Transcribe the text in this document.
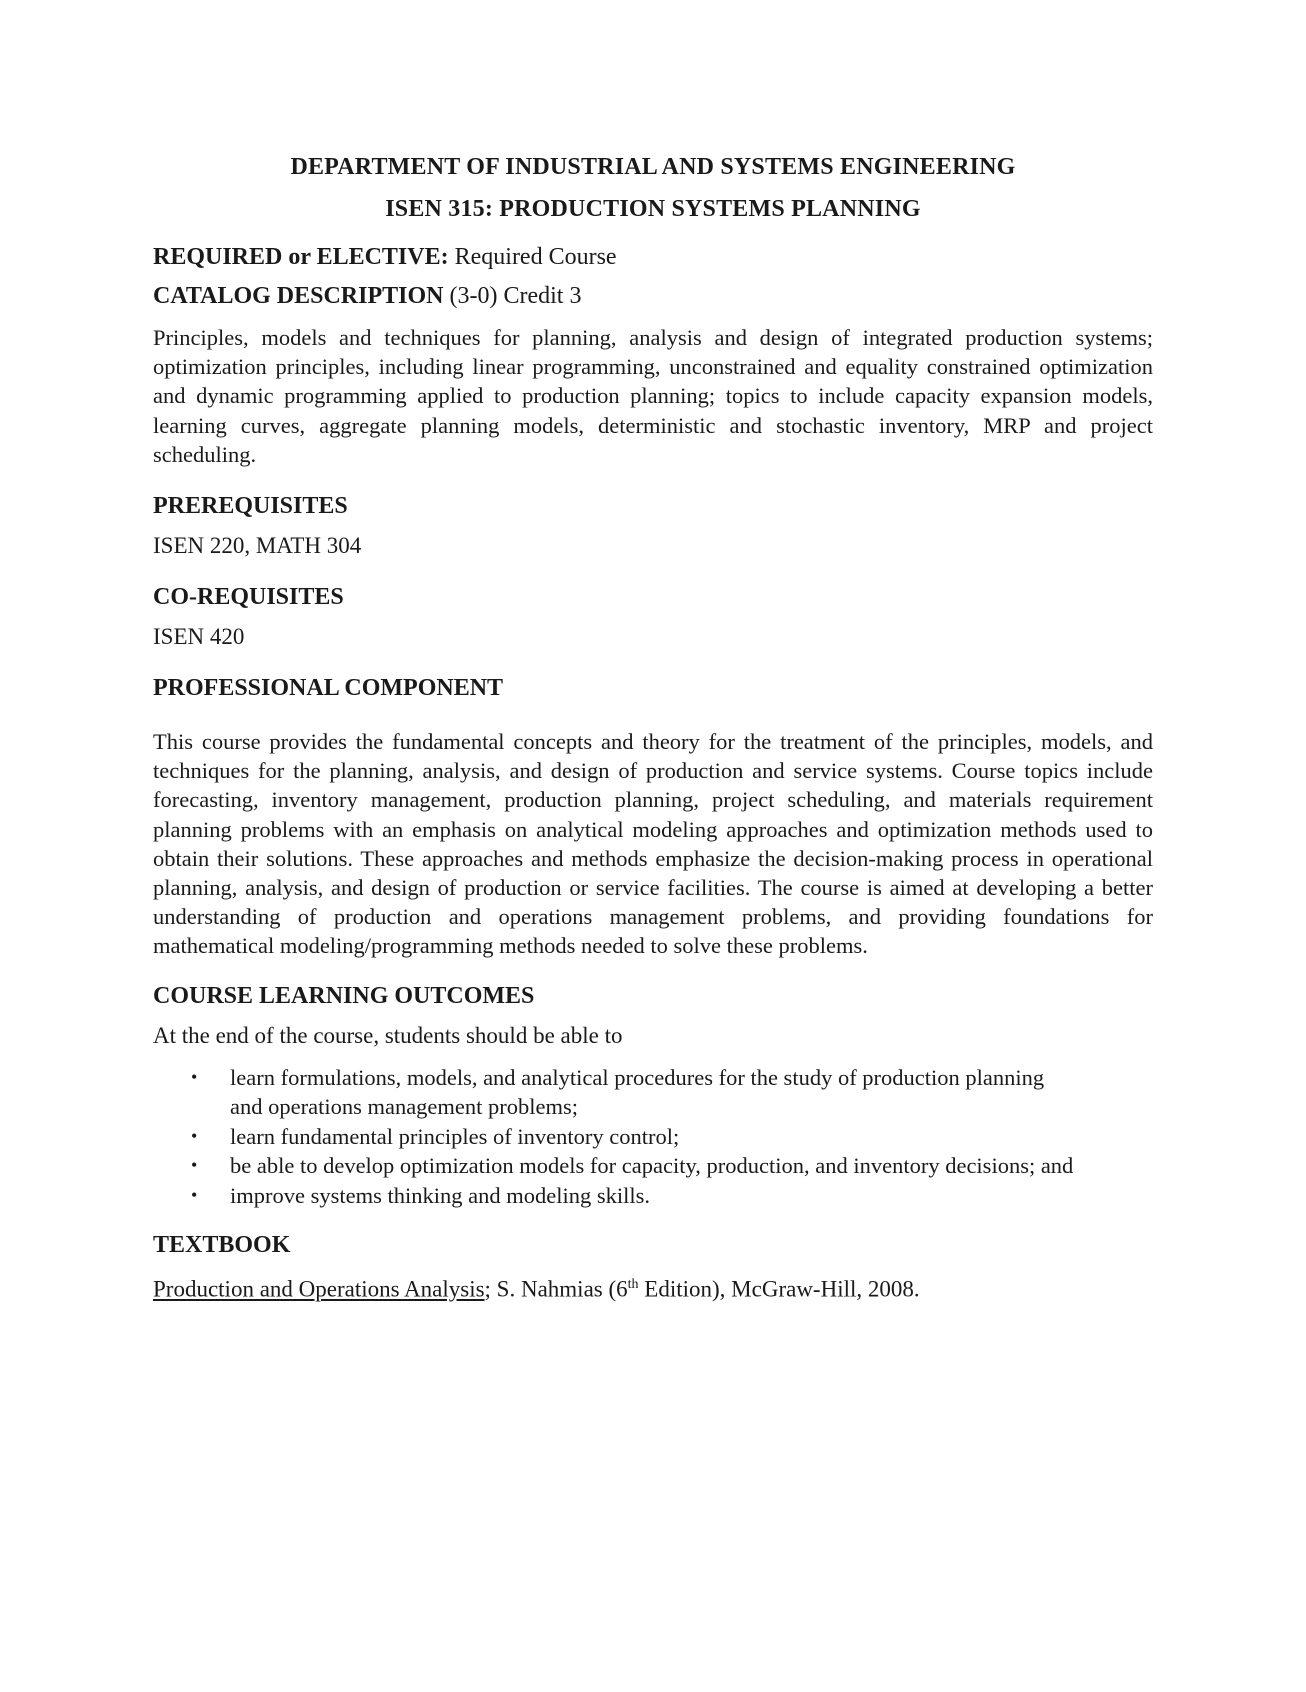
DEPARTMENT OF INDUSTRIAL AND SYSTEMS ENGINEERING

ISEN 315: PRODUCTION SYSTEMS PLANNING

REQUIRED or ELECTIVE: Required Course

CATALOG DESCRIPTION (3-0) Credit 3

Principles, models and techniques for planning, analysis and design of integrated production systems; optimization principles, including linear programming, unconstrained and equality constrained optimization and dynamic programming applied to production planning; topics to include capacity expansion models, learning curves, aggregate planning models, deterministic and stochastic inventory, MRP and project scheduling.

PREREQUISITES

ISEN 220, MATH 304

CO-REQUISITES

ISEN 420

PROFESSIONAL COMPONENT

This course provides the fundamental concepts and theory for the treatment of the principles, models, and techniques for the planning, analysis, and design of production and service systems. Course topics include forecasting, inventory management, production planning, project scheduling, and materials requirement planning problems with an emphasis on analytical modeling approaches and optimization methods used to obtain their solutions. These approaches and methods emphasize the decision-making process in operational planning, analysis, and design of production or service facilities. The course is aimed at developing a better understanding of production and operations management problems, and providing foundations for mathematical modeling/programming methods needed to solve these problems.

COURSE LEARNING OUTCOMES

At the end of the course, students should be able to

• learn formulations, models, and analytical procedures for the study of production planning and operations management problems;
• learn fundamental principles of inventory control;
• be able to develop optimization models for capacity, production, and inventory decisions; and
• improve systems thinking and modeling skills.

TEXTBOOK

Production and Operations Analysis; S. Nahmias (6th Edition), McGraw-Hill, 2008.
